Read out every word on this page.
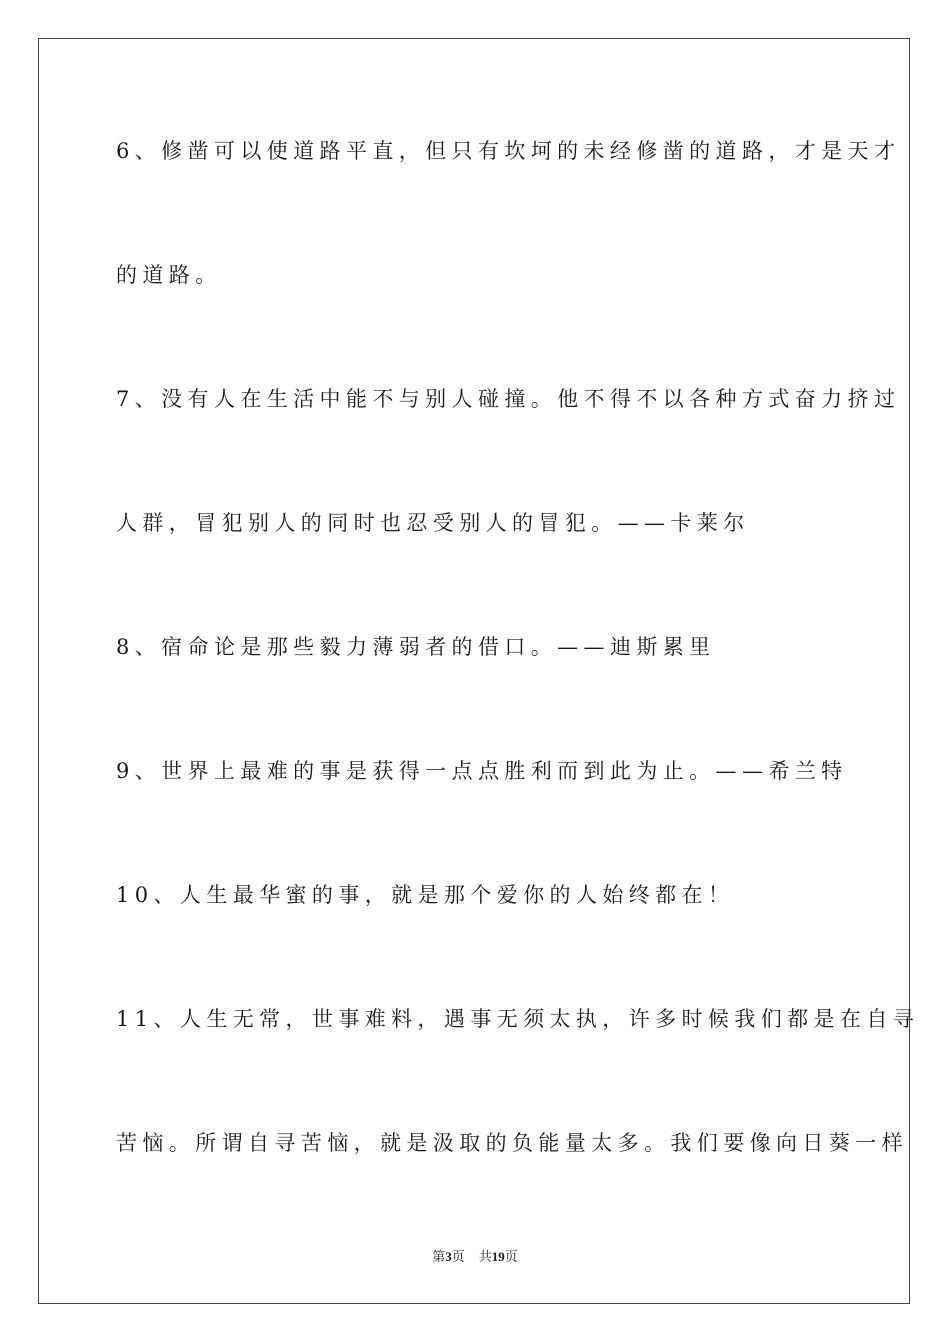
6、修凿可以使道路平直，但只有坎坷的未经修凿的道路，才是天才
的道路。
7、没有人在生活中能不与别人碰撞。他不得不以各种方式奋力挤过
人群，冒犯别人的同时也忍受别人的冒犯。——卡莱尔
8、宿命论是那些毅力薄弱者的借口。——迪斯累里
9、世界上最难的事是获得一点点胜利而到此为止。——希兰特
10、人生最华蜜的事，就是那个爱你的人始终都在！
11、人生无常，世事难料，遇事无须太执，许多时候我们都是在自寻
苦恼。所谓自寻苦恼，就是汲取的负能量太多。我们要像向日葵一样
第3页 共19页
